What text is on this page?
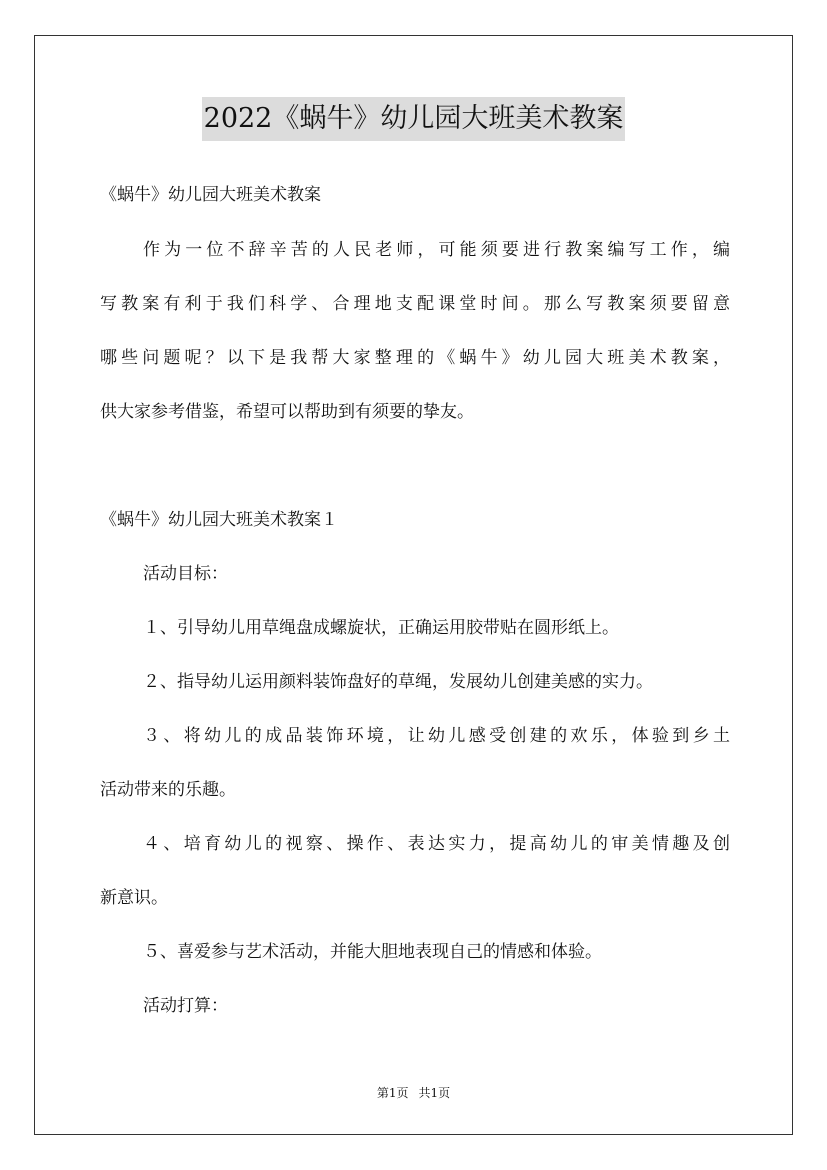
2022《蜗牛》幼儿园大班美术教案
《蜗牛》幼儿园大班美术教案
作为一位不辞辛苦的人民老师，可能须要进行教案编写工作，编
写教案有利于我们科学、合理地支配课堂时间。那么写教案须要留意
哪些问题呢？以下是我帮大家整理的《蜗牛》幼儿园大班美术教案，
供大家参考借鉴，希望可以帮助到有须要的挚友。
《蜗牛》幼儿园大班美术教案１
活动目标：
１、引导幼儿用草绳盘成螺旋状，正确运用胶带贴在圆形纸上。
２、指导幼儿运用颜料装饰盘好的草绳，发展幼儿创建美感的实力。
３、将幼儿的成品装饰环境，让幼儿感受创建的欢乐，体验到乡土
活动带来的乐趣。
４、培育幼儿的视察、操作、表达实力，提高幼儿的审美情趣及创
新意识。
５、喜爱参与艺术活动，并能大胆地表现自己的情感和体验。
活动打算：
第1页 共1页
